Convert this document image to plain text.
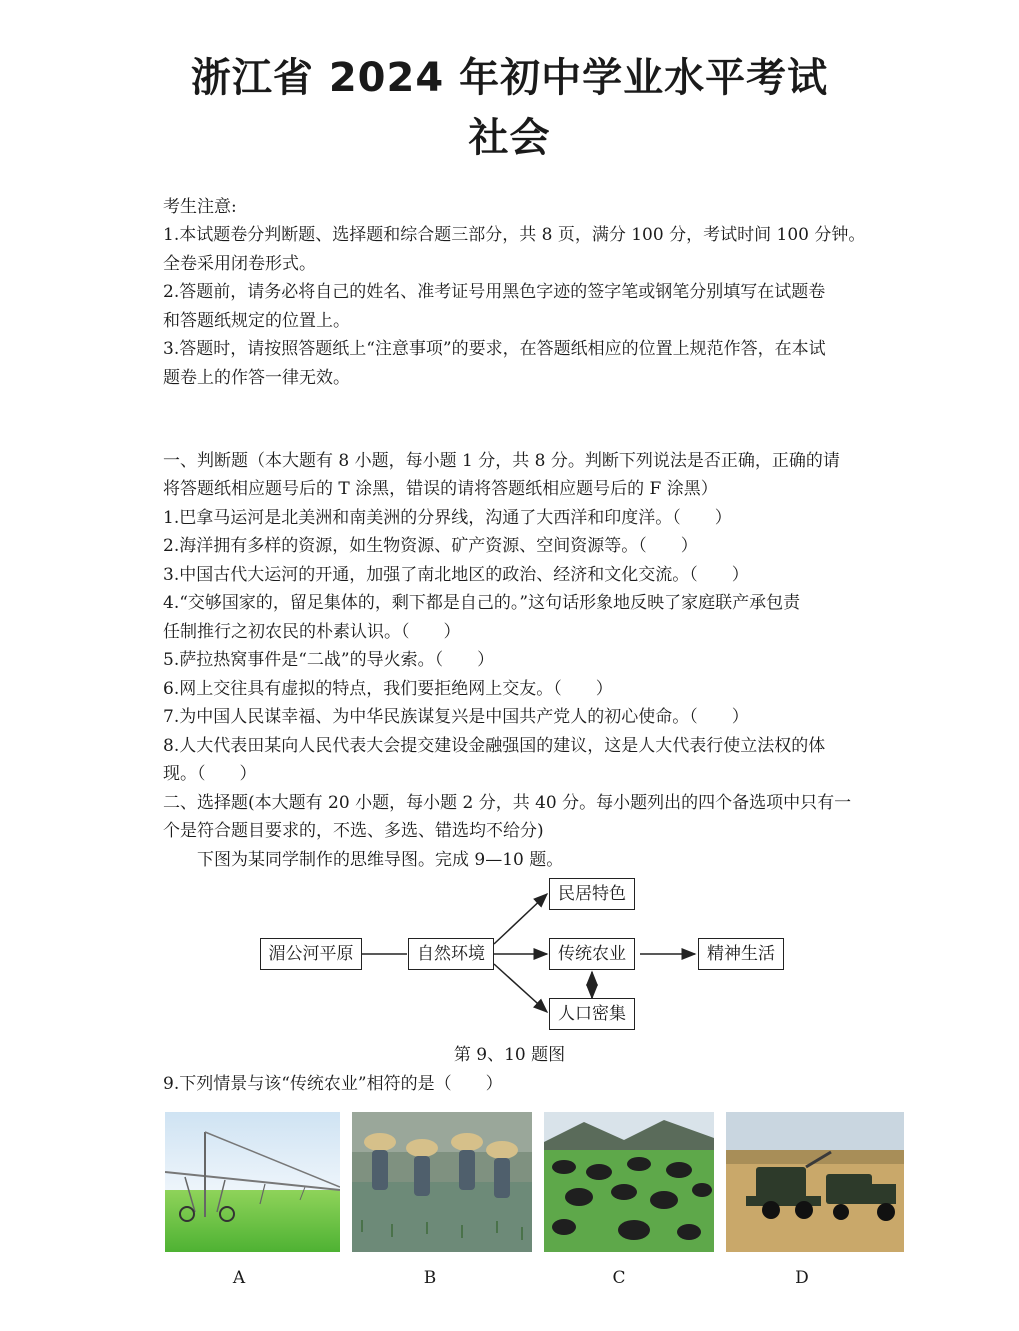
浙江省 2024 年初中学业水平考试
社会
考生注意:
1.本试题卷分判断题、选择题和综合题三部分，共 8 页，满分 100 分，考试时间 100 分钟。
全卷采用闭卷形式。
2.答题前，请务必将自己的姓名、准考证号用黑色字迹的签字笔或钢笔分别填写在试题卷
和答题纸规定的位置上。
3.答题时，请按照答题纸上“注意事项”的要求，在答题纸相应的位置上规范作答，在本试
题卷上的作答一律无效。
一、判断题（本大题有 8 小题，每小题 1 分，共 8 分。判断下列说法是否正确，正确的请
将答题纸相应题号后的 T 涂黑，错误的请将答题纸相应题号后的 F 涂黑）
1.巴拿马运河是北美洲和南美洲的分界线，沟通了大西洋和印度洋。（　　）
2.海洋拥有多样的资源，如生物资源、矿产资源、空间资源等。（　　）
3.中国古代大运河的开通，加强了南北地区的政治、经济和文化交流。（　　）
4.“交够国家的，留足集体的，剩下都是自己的。”这句话形象地反映了家庭联产承包责
任制推行之初农民的朴素认识。（　　）
5.萨拉热窝事件是“二战”的导火索。（　　）
6.网上交往具有虚拟的特点，我们要拒绝网上交友。（　　）
7.为中国人民谋幸福、为中华民族谋复兴是中国共产党人的初心使命。（　　）
8.人大代表田某向人民代表大会提交建设金融强国的建议，这是人大代表行使立法权的体
现。（　　）
二、选择题(本大题有 20 小题，每小题 2 分，共 40 分。每小题列出的四个备选项中只有一
个是符合题目要求的，不选、多选、错选均不给分)
　　下图为某同学制作的思维导图。完成 9—10 题。
湄公河平原	自然环境
民居特色
传统农业
人口密集
精神生活
第 9、10 题图
9.下列情景与该“传统农业”相符的是（　　）
A	B	C	D
